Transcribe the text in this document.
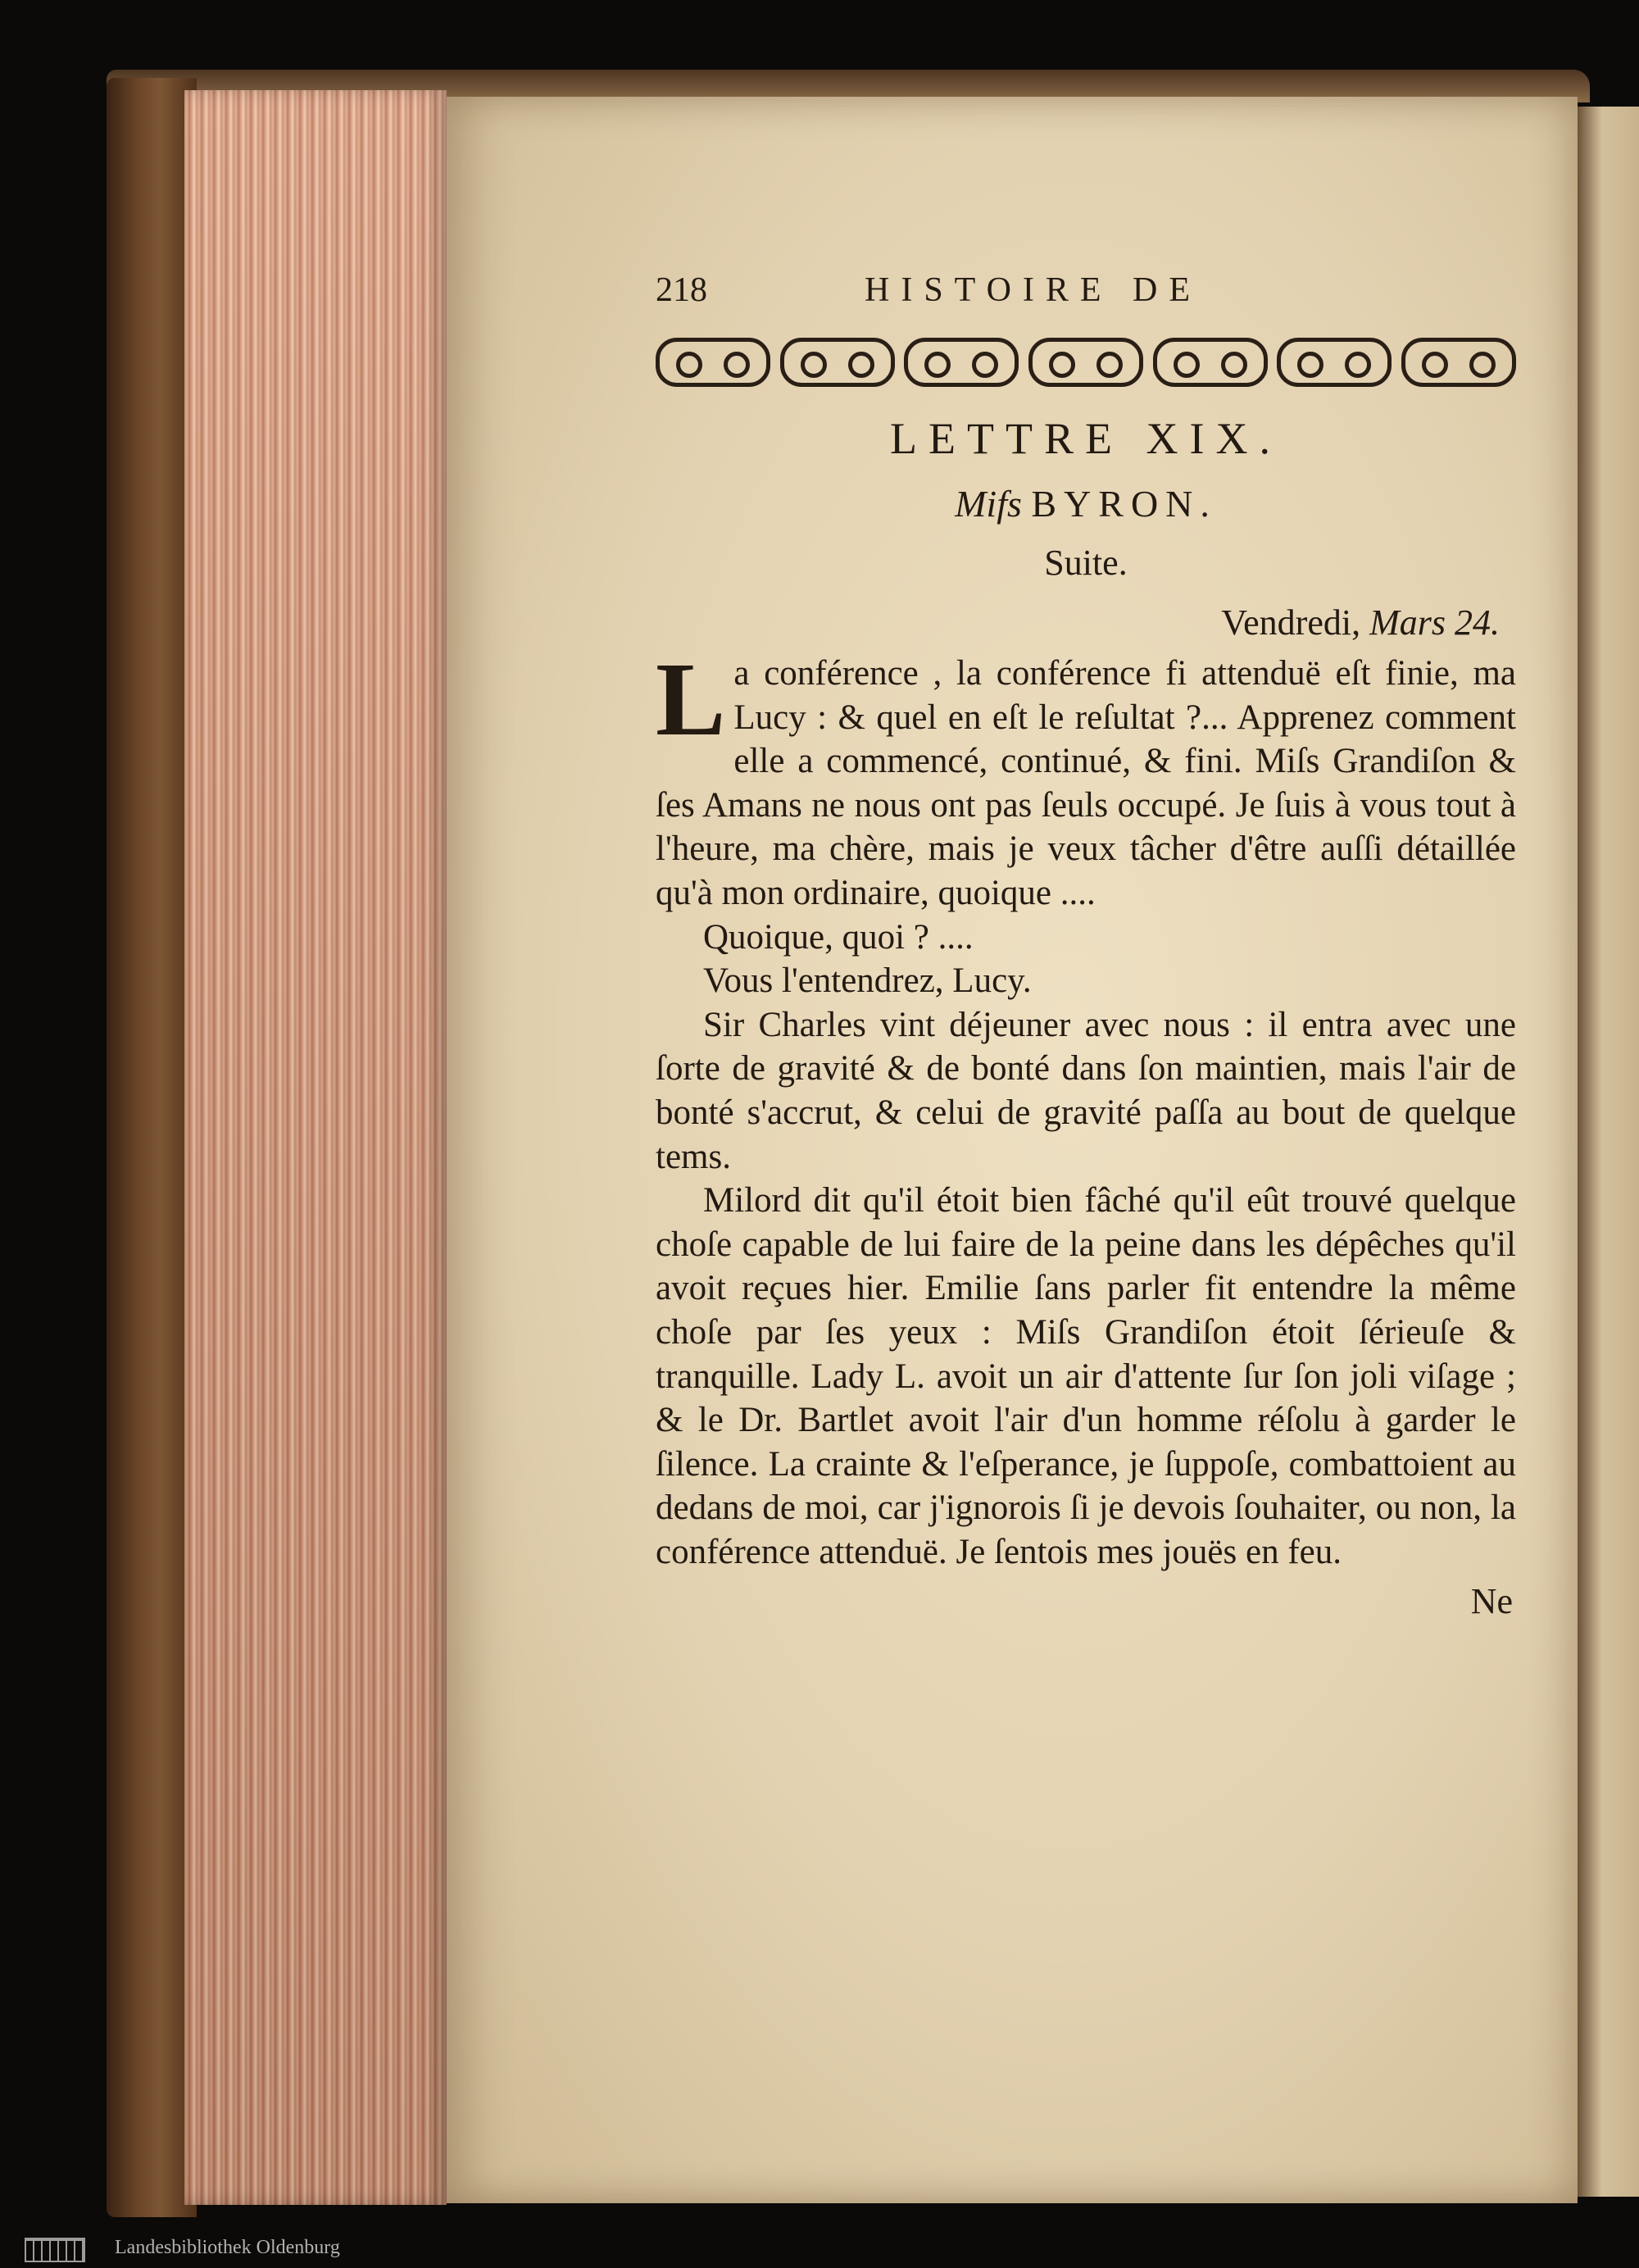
218	HISTOIRE DE
LETTRE XIX.
Mifs BYRON.
Suite.
Vendredi, Mars 24.

La conférence , la conférence fi attenduë eſt finie, ma Lucy : & quel en eſt le reſultat ?... Apprenez comment elle a commencé, continué, & fini. Miſs Grandiſon & ſes Amans ne nous ont pas ſeuls occupé. Je ſuis à vous tout à l'heure, ma chère, mais je veux tâcher d'être auſſi détaillée qu'à mon ordinaire, quoique ....

Quoique, quoi ? ....

Vous l'entendrez, Lucy.

Sir Charles vint déjeuner avec nous : il entra avec une ſorte de gravité & de bonté dans ſon maintien, mais l'air de bonté s'accrut, & celui de gravité paſſa au bout de quelque tems.

Milord dit qu'il étoit bien fâché qu'il eût trouvé quelque choſe capable de lui faire de la peine dans les dépêches qu'il avoit reçues hier. Emilie ſans parler fit entendre la même choſe par ſes yeux : Miſs Grandiſon étoit ſérieuſe & tranquille. Lady L. avoit un air d'attente ſur ſon joli viſage ; & le Dr. Bartlet avoit l'air d'un homme réſolu à garder le ſilence. La crainte & l'eſperance, je ſuppoſe, combattoient au dedans de moi, car j'ignorois ſi je devois ſouhaiter, ou non, la conférence attenduë. Je ſentois mes jouës en feu.

Ne
Landesbibliothek Oldenburg
